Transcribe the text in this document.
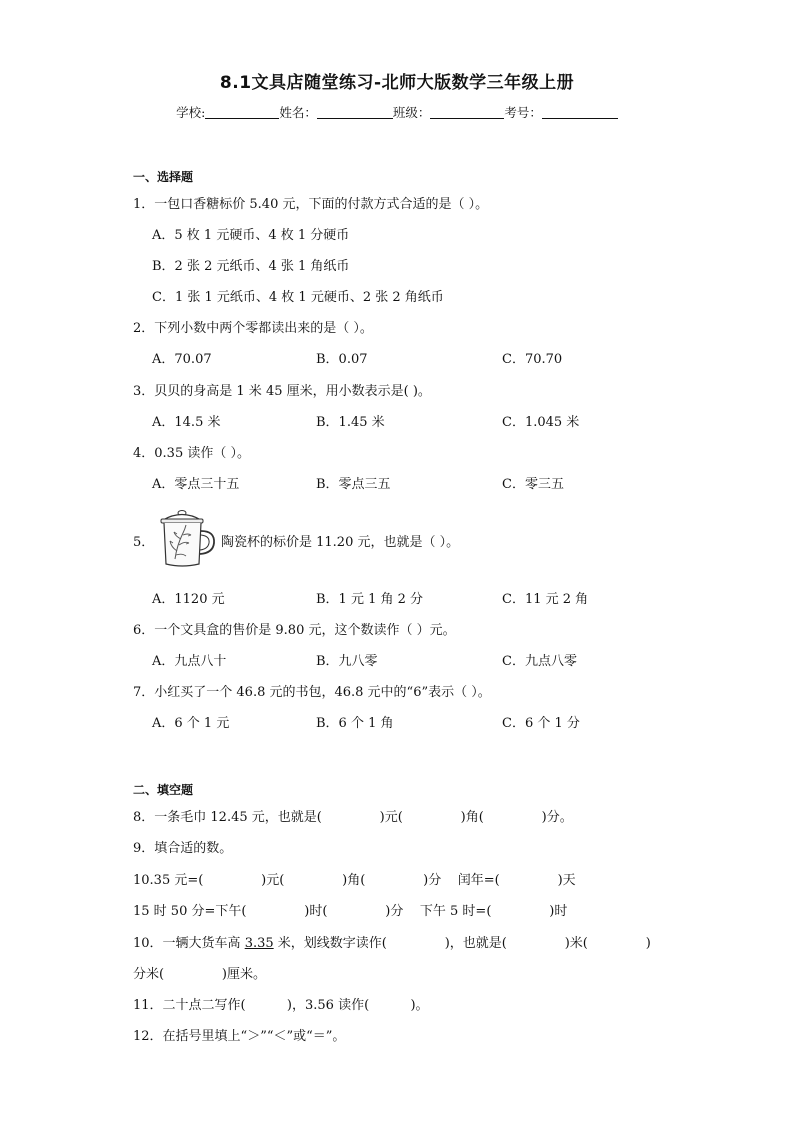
8.1文具店随堂练习-北师大版数学三年级上册
学校:	姓名：	班级：	考号：
一、选择题
1．一包口香糖标价 5.40 元，下面的付款方式合适的是（ ）。
A．5 枚 1 元硬币、4 枚 1 分硬币
B．2 张 2 元纸币、4 张 1 角纸币
C．1 张 1 元纸币、4 枚 1 元硬币、2 张 2 角纸币
2．下列小数中两个零都读出来的是（ ）。
A．70.07	B．0.07	C．70.70
3．贝贝的身高是 1 米 45 厘米，用小数表示是( )。
A．14.5 米	B．1.45 米	C．1.045 米
4．0.35 读作（ ）。
A．零点三十五	B．零点三五	C．零三五
5．	陶瓷杯的标价是 11.20 元，也就是（ ）。
A．1120 元	B．1 元 1 角 2 分	C．11 元 2 角
6．一个文具盒的售价是 9.80 元，这个数读作（ ）元。
A．九点八十	B．九八零	C．九点八零
7．小红买了一个 46.8 元的书包，46.8 元中的“6”表示（ ）。
A．6 个 1 元	B．6 个 1 角	C．6 个 1 分
二、填空题
8．一条毛巾 12.45 元，也就是(              )元(              )角(              )分。
9．填合适的数。
10.35 元=(              )元(              )角(              )分    闰年=(              )天
15 时 50 分=下午(              )时(              )分    下午 5 时=(              )时
10．一辆大货车高 3.35 米，划线数字读作(              )，也就是(              )米(              )
分米(              )厘米。
11．二十点二写作(          )，3.56 读作(          )。
12．在括号里填上“＞”“＜”或“＝”。
